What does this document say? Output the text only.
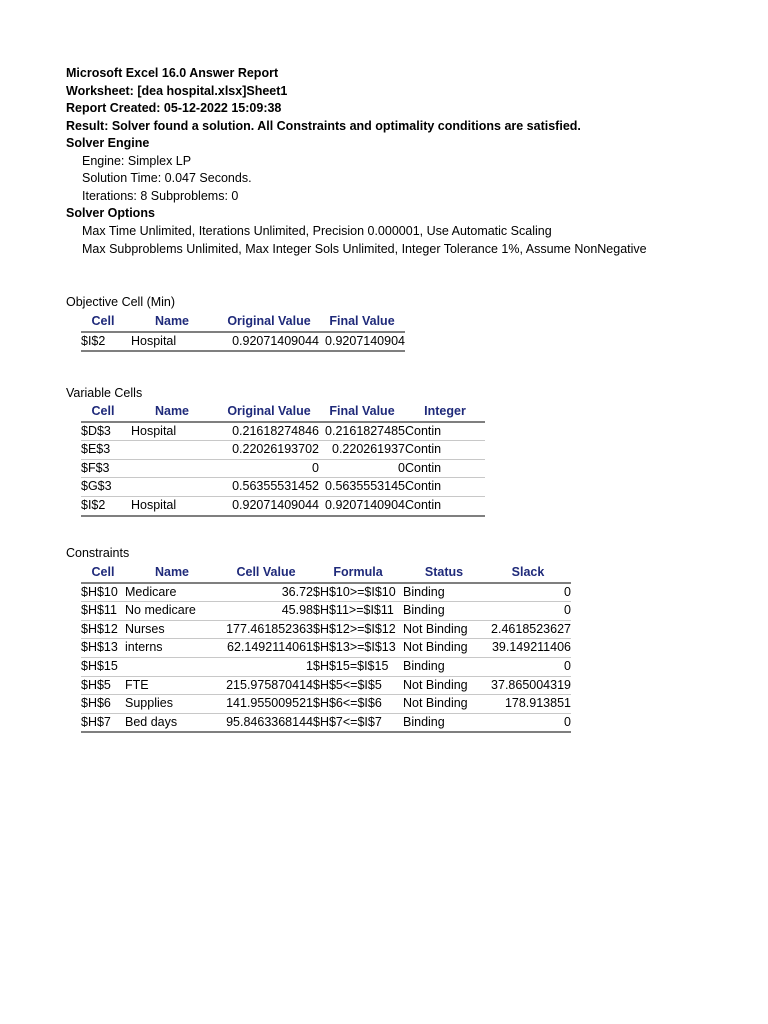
Microsoft Excel 16.0 Answer Report
Worksheet: [dea hospital.xlsx]Sheet1
Report Created: 05-12-2022 15:09:38
Result: Solver found a solution. All Constraints and optimality conditions are satisfied.
Solver Engine
Engine: Simplex LP
Solution Time: 0.047 Seconds.
Iterations: 8 Subproblems: 0
Solver Options
Max Time Unlimited, Iterations Unlimited, Precision 0.000001, Use Automatic Scaling
Max Subproblems Unlimited, Max Integer Sols Unlimited, Integer Tolerance 1%, Assume NonNegative
Objective Cell (Min)
Cell	Name	Original Value	Final Value
$I$2	Hospital	0.92071409044	0.9207140904
Variable Cells
Cell	Name	Original Value	Final Value	Integer
$D$3	Hospital	0.21618274846	0.2161827485	Contin
$E$3		0.22026193702	0.220261937	Contin
$F$3		0	0	Contin
$G$3		0.56355531452	0.5635553145	Contin
$I$2	Hospital	0.92071409044	0.9207140904	Contin
Constraints
Cell	Name	Cell Value	Formula	Status	Slack
$H$10	Medicare	36.72	$H$10>=$I$10	Binding	0
$H$11	No medicare	45.98	$H$11>=$I$11	Binding	0
$H$12	Nurses	177.461852363	$H$12>=$I$12	Not Binding	2.4618523627
$H$13	interns	62.1492114061	$H$13>=$I$13	Not Binding	39.149211406
$H$15		1	$H$15=$I$15	Binding	0
$H$5	FTE	215.975870414	$H$5<=$I$5	Not Binding	37.865004319
$H$6	Supplies	141.955009521	$H$6<=$I$6	Not Binding	178.913851
$H$7	Bed days	95.8463368144	$H$7<=$I$7	Binding	0
